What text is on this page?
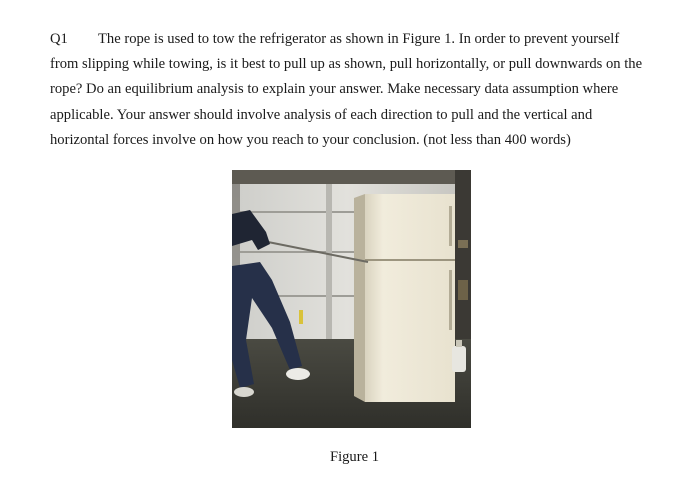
Q1 The rope is used to tow the refrigerator as shown in Figure 1. In order to prevent yourself
from slipping while towing, is it best to pull up as shown, pull horizontally, or pull downwards on the
rope? Do an equilibrium analysis to explain your answer. Make necessary data assumption where
applicable. Your answer should involve analysis of each direction to pull and the vertical and
horizontal forces involve on how you reach to your conclusion. (not less than 400 words)
Figure 1
